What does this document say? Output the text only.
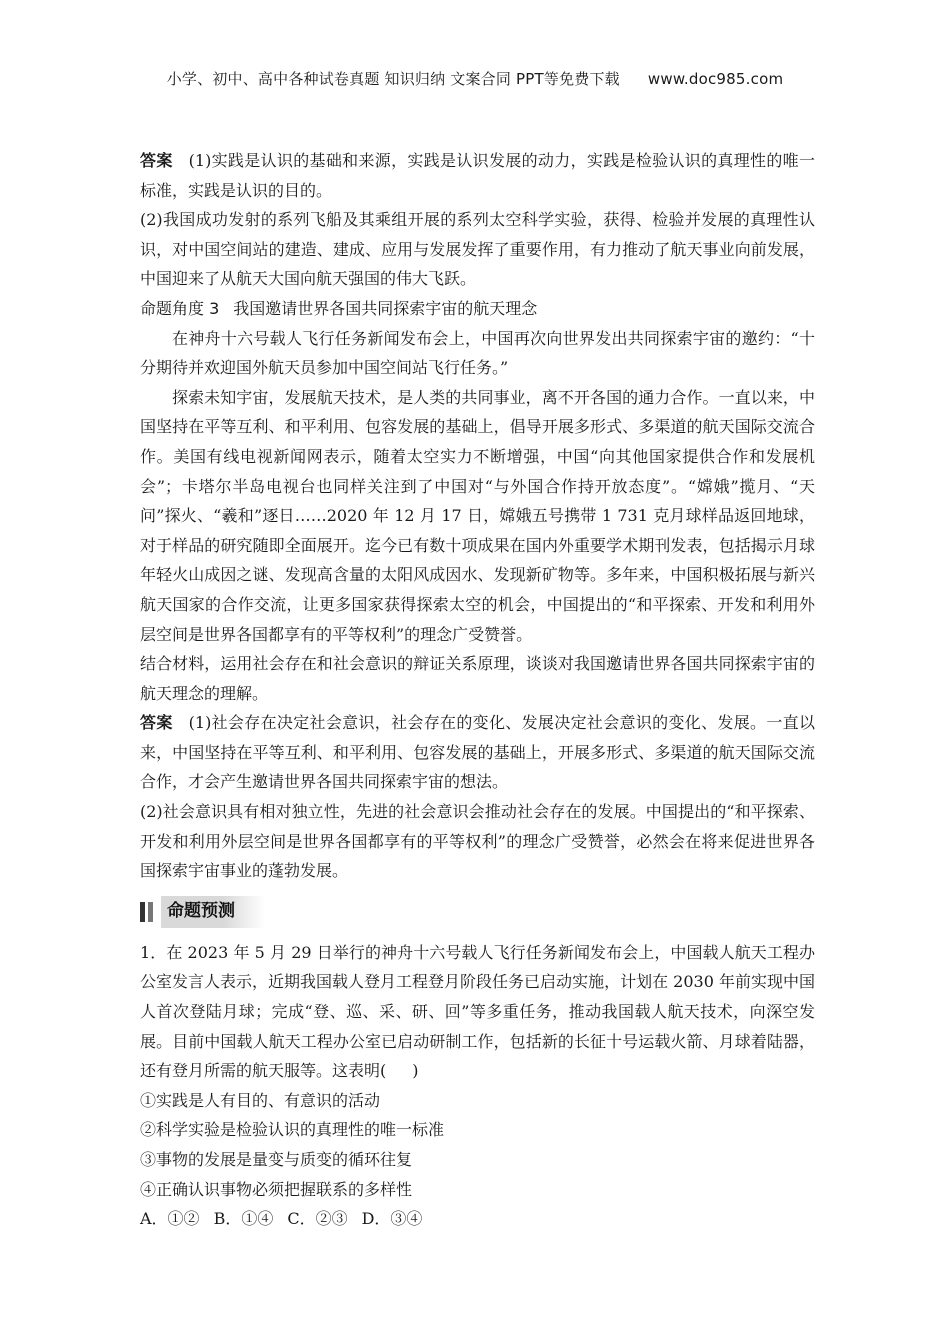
小学、初中、高中各种试卷真题 知识归纳 文案合同 PPT等免费下载 www.doc985.com

答案 (1)实践是认识的基础和来源，实践是认识发展的动力，实践是检验认识的真理性的唯一标准，实践是认识的目的。

(2)我国成功发射的系列飞船及其乘组开展的系列太空科学实验，获得、检验并发展的真理性认识，对中国空间站的建造、建成、应用与发展发挥了重要作用，有力推动了航天事业向前发展，中国迎来了从航天大国向航天强国的伟大飞跃。

命题角度 3 我国邀请世界各国共同探索宇宙的航天理念

在神舟十六号载人飞行任务新闻发布会上，中国再次向世界发出共同探索宇宙的邀约：“十分期待并欢迎国外航天员参加中国空间站飞行任务。”

探索未知宇宙，发展航天技术，是人类的共同事业，离不开各国的通力合作。一直以来，中国坚持在平等互利、和平利用、包容发展的基础上，倡导开展多形式、多渠道的航天国际交流合作。美国有线电视新闻网表示，随着太空实力不断增强，中国“向其他国家提供合作和发展机会”；卡塔尔半岛电视台也同样关注到了中国对“与外国合作持开放态度”。“嫦娥”揽月、“天问”探火、“羲和”逐日……2020 年 12 月 17 日，嫦娥五号携带 1 731 克月球样品返回地球，对于样品的研究随即全面展开。迄今已有数十项成果在国内外重要学术期刊发表，包括揭示月球年轻火山成因之谜、发现高含量的太阳风成因水、发现新矿物等。多年来，中国积极拓展与新兴航天国家的合作交流，让更多国家获得探索太空的机会，中国提出的“和平探索、开发和利用外层空间是世界各国都享有的平等权利”的理念广受赞誉。

结合材料，运用社会存在和社会意识的辩证关系原理，谈谈对我国邀请世界各国共同探索宇宙的航天理念的理解。

答案 (1)社会存在决定社会意识，社会存在的变化、发展决定社会意识的变化、发展。一直以来，中国坚持在平等互利、和平利用、包容发展的基础上，开展多形式、多渠道的航天国际交流合作，才会产生邀请世界各国共同探索宇宙的想法。

(2)社会意识具有相对独立性，先进的社会意识会推动社会存在的发展。中国提出的“和平探索、开发和利用外层空间是世界各国都享有的平等权利”的理念广受赞誉，必然会在将来促进世界各国探索宇宙事业的蓬勃发展。

命题预测

1．在 2023 年 5 月 29 日举行的神舟十六号载人飞行任务新闻发布会上，中国载人航天工程办公室发言人表示，近期我国载人登月工程登月阶段任务已启动实施，计划在 2030 年前实现中国人首次登陆月球；完成“登、巡、采、研、回”等多重任务，推动我国载人航天技术，向深空发展。目前中国载人航天工程办公室已启动研制工作，包括新的长征十号运载火箭、月球着陆器，还有登月所需的航天服等。这表明( )

①实践是人有目的、有意识的活动

②科学实验是检验认识的真理性的唯一标准

③事物的发展是量变与质变的循环往复

④正确认识事物必须把握联系的多样性

A．①② B．①④ C．②③ D．③④
